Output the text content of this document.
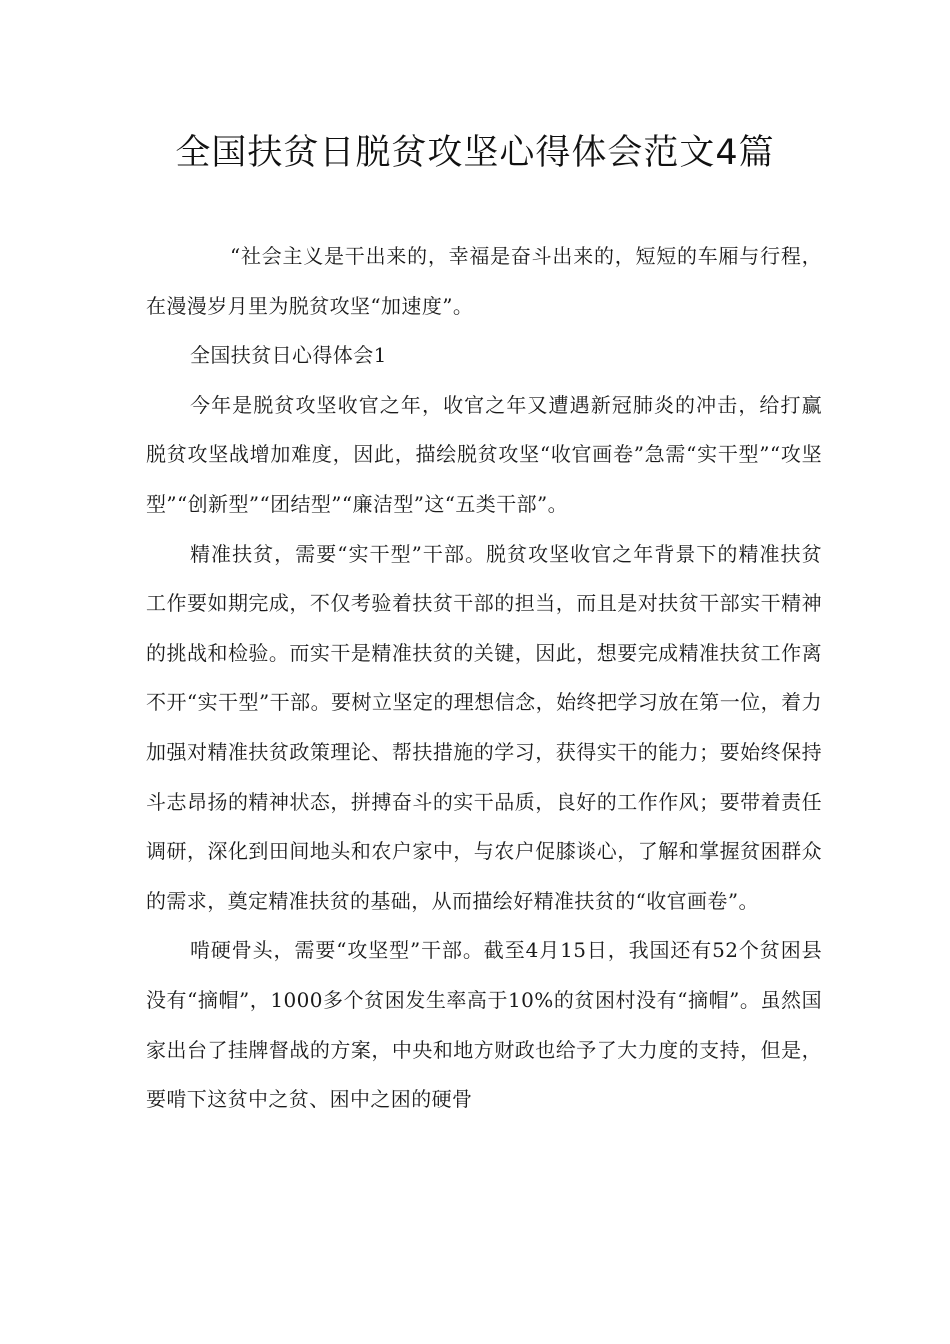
全国扶贫日脱贫攻坚心得体会范文4篇

“社会主义是干出来的，幸福是奋斗出来的，短短的车厢与行程，在漫漫岁月里为脱贫攻坚“加速度”。

全国扶贫日心得体会1

今年是脱贫攻坚收官之年，收官之年又遭遇新冠肺炎的冲击，给打赢脱贫攻坚战增加难度，因此，描绘脱贫攻坚“收官画卷”急需“实干型”“攻坚型”“创新型”“团结型”“廉洁型”这“五类干部”。

精准扶贫，需要“实干型”干部。脱贫攻坚收官之年背景下的精准扶贫工作要如期完成，不仅考验着扶贫干部的担当，而且是对扶贫干部实干精神的挑战和检验。而实干是精准扶贫的关键，因此，想要完成精准扶贫工作离不开“实干型”干部。要树立坚定的理想信念，始终把学习放在第一位，着力加强对精准扶贫政策理论、帮扶措施的学习，获得实干的能力；要始终保持斗志昂扬的精神状态，拼搏奋斗的实干品质，良好的工作作风；要带着责任调研，深化到田间地头和农户家中，与农户促膝谈心，了解和掌握贫困群众的需求，奠定精准扶贫的基础，从而描绘好精准扶贫的“收官画卷”。

啃硬骨头，需要“攻坚型”干部。截至4月15日，我国还有52个贫困县没有“摘帽”，1000多个贫困发生率高于10%的贫困村没有“摘帽”。虽然国家出台了挂牌督战的方案，中央和地方财政也给予了大力度的支持，但是，要啃下这贫中之贫、困中之困的硬骨
